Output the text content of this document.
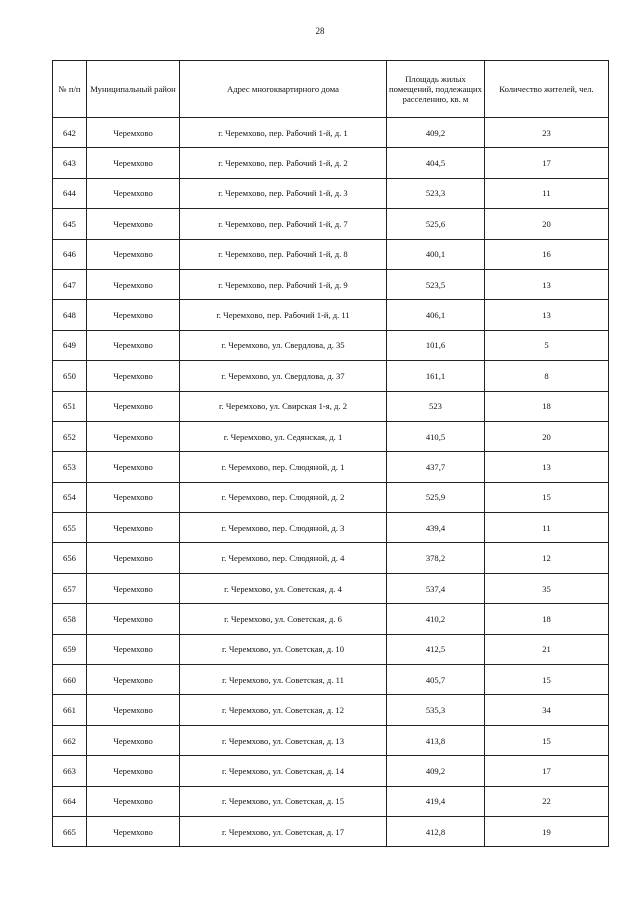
28
№ п/п	Муниципальный район	Адрес многоквартирного дома	Площадь жилых помещений, подлежащих расселению, кв. м	Количество жителей, чел.
642	Черемхово	г. Черемхово, пер. Рабочий 1-й, д. 1	409,2	23
643	Черемхово	г. Черемхово, пер. Рабочий 1-й, д. 2	404,5	17
644	Черемхово	г. Черемхово, пер. Рабочий 1-й, д. 3	523,3	11
645	Черемхово	г. Черемхово, пер. Рабочий 1-й, д. 7	525,6	20
646	Черемхово	г. Черемхово, пер. Рабочий 1-й, д. 8	400,1	16
647	Черемхово	г. Черемхово, пер. Рабочий 1-й, д. 9	523,5	13
648	Черемхово	г. Черемхово, пер. Рабочий 1-й, д. 11	406,1	13
649	Черемхово	г. Черемхово, ул. Свердлова, д. 35	101,6	5
650	Черемхово	г. Черемхово, ул. Свердлова, д. 37	161,1	8
651	Черемхово	г. Черемхово, ул. Свирская 1-я, д. 2	523	18
652	Черемхово	г. Черемхово, ул. Седянская, д. 1	410,5	20
653	Черемхово	г. Черемхово, пер. Слюдяной, д. 1	437,7	13
654	Черемхово	г. Черемхово, пер. Слюдяной, д. 2	525,9	15
655	Черемхово	г. Черемхово, пер. Слюдяной, д. 3	439,4	11
656	Черемхово	г. Черемхово, пер. Слюдяной, д. 4	378,2	12
657	Черемхово	г. Черемхово, ул. Советская, д. 4	537,4	35
658	Черемхово	г. Черемхово, ул. Советская, д. 6	410,2	18
659	Черемхово	г. Черемхово, ул. Советская, д. 10	412,5	21
660	Черемхово	г. Черемхово, ул. Советская, д. 11	405,7	15
661	Черемхово	г. Черемхово, ул. Советская, д. 12	535,3	34
662	Черемхово	г. Черемхово, ул. Советская, д. 13	413,8	15
663	Черемхово	г. Черемхово, ул. Советская, д. 14	409,2	17
664	Черемхово	г. Черемхово, ул. Советская, д. 15	419,4	22
665	Черемхово	г. Черемхово, ул. Советская, д. 17	412,8	19
